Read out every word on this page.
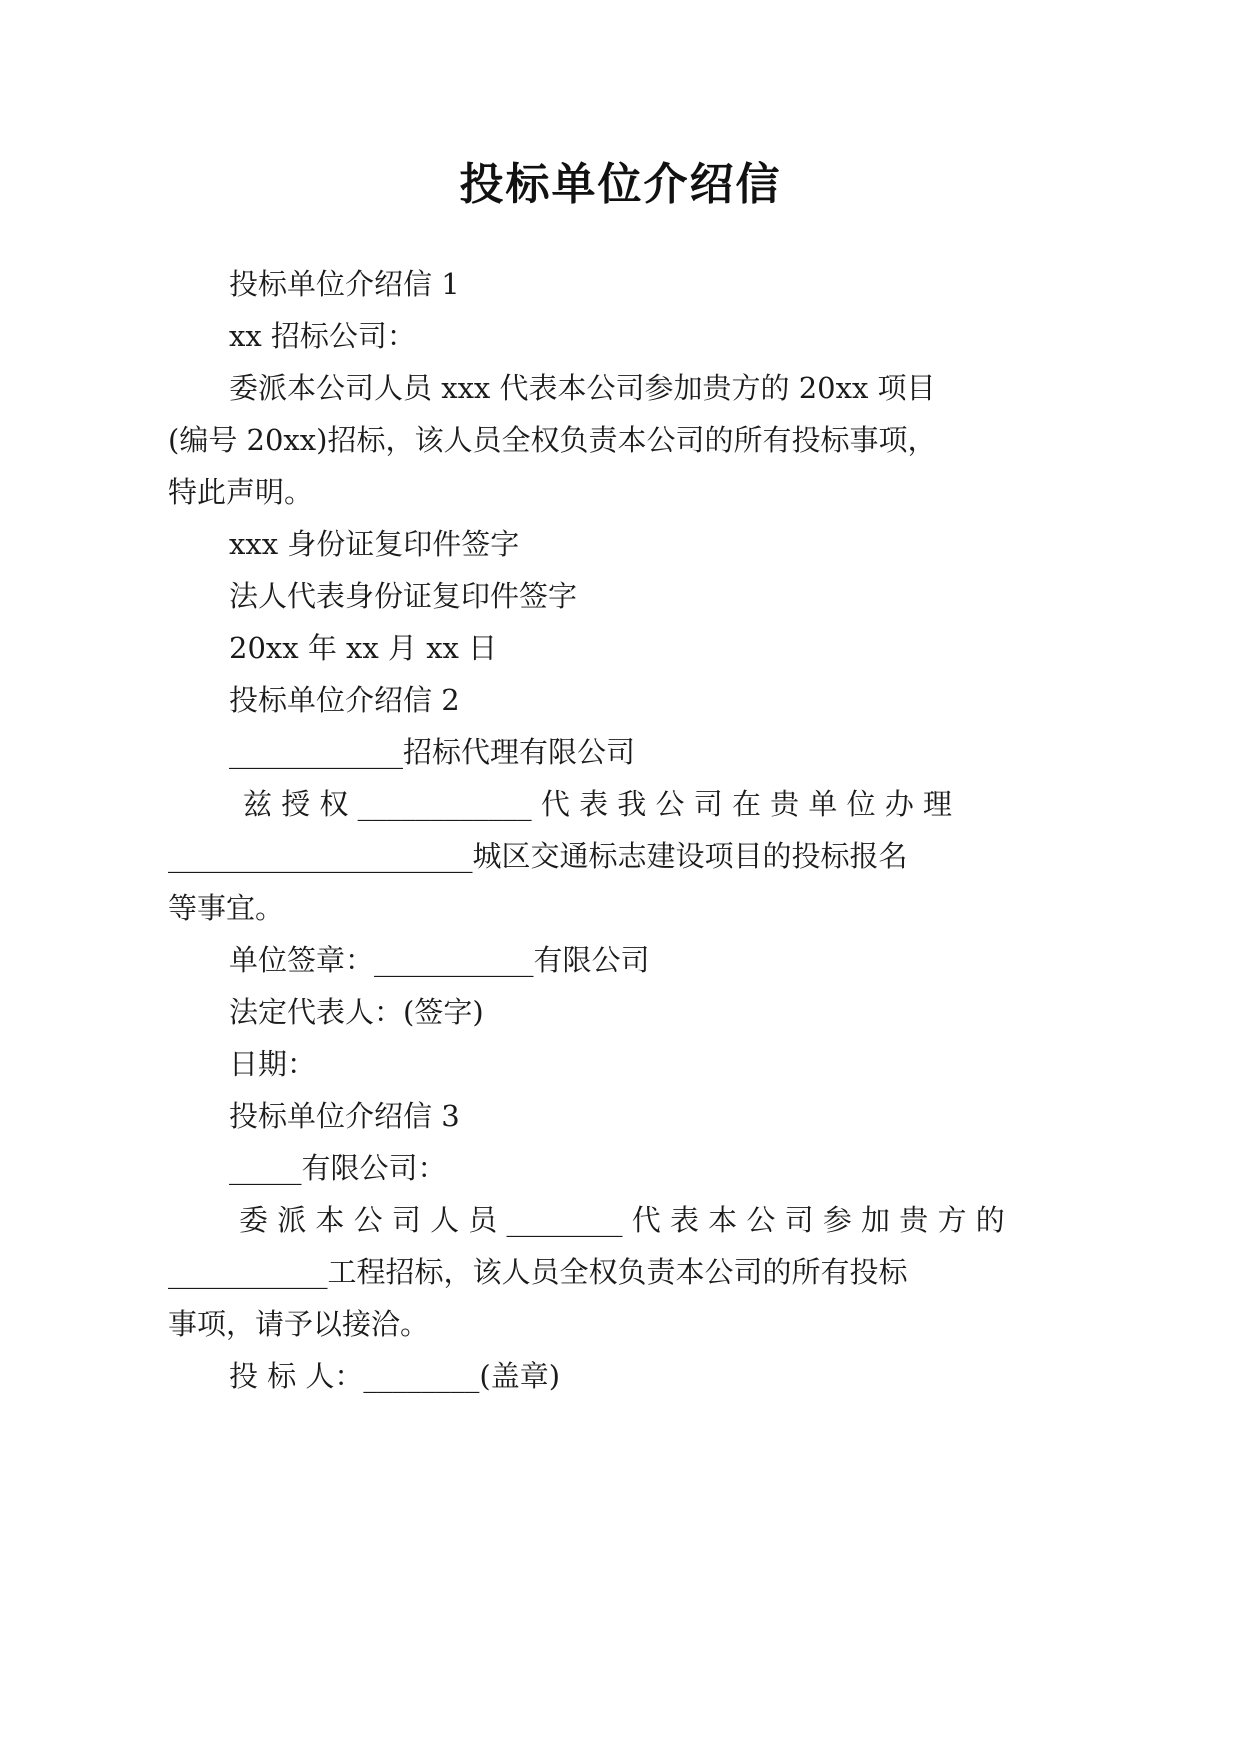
投标单位介绍信
投标单位介绍信 1
xx 招标公司：
委派本公司人员 xxx 代表本公司参加贵方的 20xx 项目
(编号 20xx)招标，该人员全权负责本公司的所有投标事项，
特此声明。
xxx 身份证复印件签字
法人代表身份证复印件签字
20xx 年 xx 月 xx 日
投标单位介绍信 2
____________招标代理有限公司
兹 授 权 ____________ 代 表 我 公 司 在 贵 单 位 办 理
_____________________城区交通标志建设项目的投标报名
等事宜。
单位签章：___________有限公司
法定代表人：(签字)
日期：
投标单位介绍信 3
_____有限公司：
委 派 本 公 司 人 员 ________ 代 表 本 公 司 参 加 贵 方 的
___________工程招标，该人员全权负责本公司的所有投标
事项，请予以接洽。
投 标 人：________(盖章)
